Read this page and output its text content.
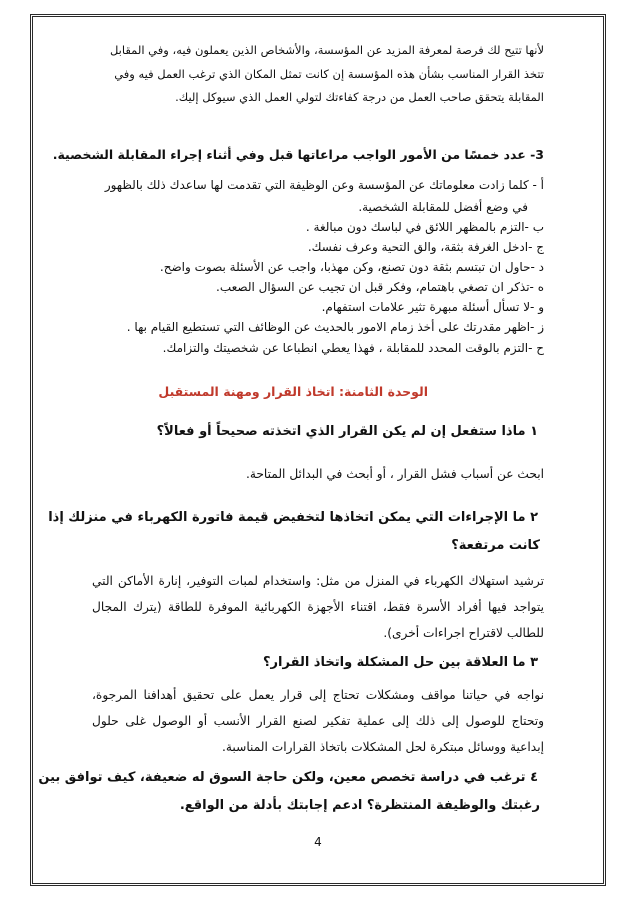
لأنها تتيح لك فرصة لمعرفة المزيد عن المؤسسة، والأشخاص الذين يعملون فيه، وفي المقابل
تتخذ القرار المناسب بشأن هذه المؤسسة إن كانت تمثل المكان الذي ترغب العمل فيه وفي
المقابلة يتحقق صاحب العمل من درجة كفاءتك لتولي العمل الذي سيوكل إليك.
3- عدد خمسًا من الأمور الواجب مراعاتها قبل وفي أثناء إجراء المقابلة الشخصية.
أ - كلما زادت معلوماتك عن المؤسسة وعن الوظيفة التي تقدمت لها ساعدك ذلك بالظهور
في وضع أفضل للمقابلة الشخصية.
ب -التزم بالمظهر اللائق في لباسك دون مبالغة .
ج -ادخل الغرفة بثقة، والق التحية وعرف نفسك.
د -حاول ان تبتسم بثقة دون تصنع، وكن مهذبا، واجب عن الأسئلة بصوت واضح.
ه -تذكر ان تصغي باهتمام، وفكر قبل ان تجيب عن السؤال الصعب.
و -لا تسأل أسئلة مبهرة تثير علامات استفهام.
ز -اظهر مقدرتك على أخذ زمام الامور بالحديث عن الوظائف التي تستطيع القيام بها .
ح -التزم بالوقت المحدد للمقابلة ، فهذا يعطي انطباعا عن شخصيتك والتزامك.
الوحدة الثامنة: اتخاذ القرار ومهنة المستقبل
١ ماذا ستفعل إن لم يكن القرار الذي اتخذته صحيحاً أو فعالاً؟
ابحث عن أسباب فشل القرار ، أو أبحث في البدائل المتاحة.
٢ ما الإجراءات التي يمكن اتخاذها لتخفيض قيمة فاتورة الكهرباء في منزلك إذا
كانت مرتفعة؟
ترشيد استهلاك الكهرباء في المنزل من مثل: واستخدام لمبات التوفير، إنارة الأماكن التي يتواجد فيها أفراد الأسرة فقط، اقتناء الأجهزة الكهربائية الموفرة للطاقة (يترك المجال للطالب لاقتراح اجراءات أخرى).
٣ ما العلاقة بين حل المشكلة واتخاذ القرار؟
نواجه في حياتنا مواقف ومشكلات تحتاج إلى قرار يعمل على تحقيق أهدافنا المرجوة، وتحتاج للوصول إلى ذلك إلى عملية تفكير لصنع القرار الأنسب أو الوصول غلى حلول إبداعية ووسائل مبتكرة لحل المشكلات باتخاذ القرارات المناسبة.
٤ ترغب في دراسة تخصص معين، ولكن حاجة السوق له ضعيفة، كيف توافق بين
رغبتك والوظيفة المنتظرة؟ ادعم إجابتك بأدلة من الواقع.
4
